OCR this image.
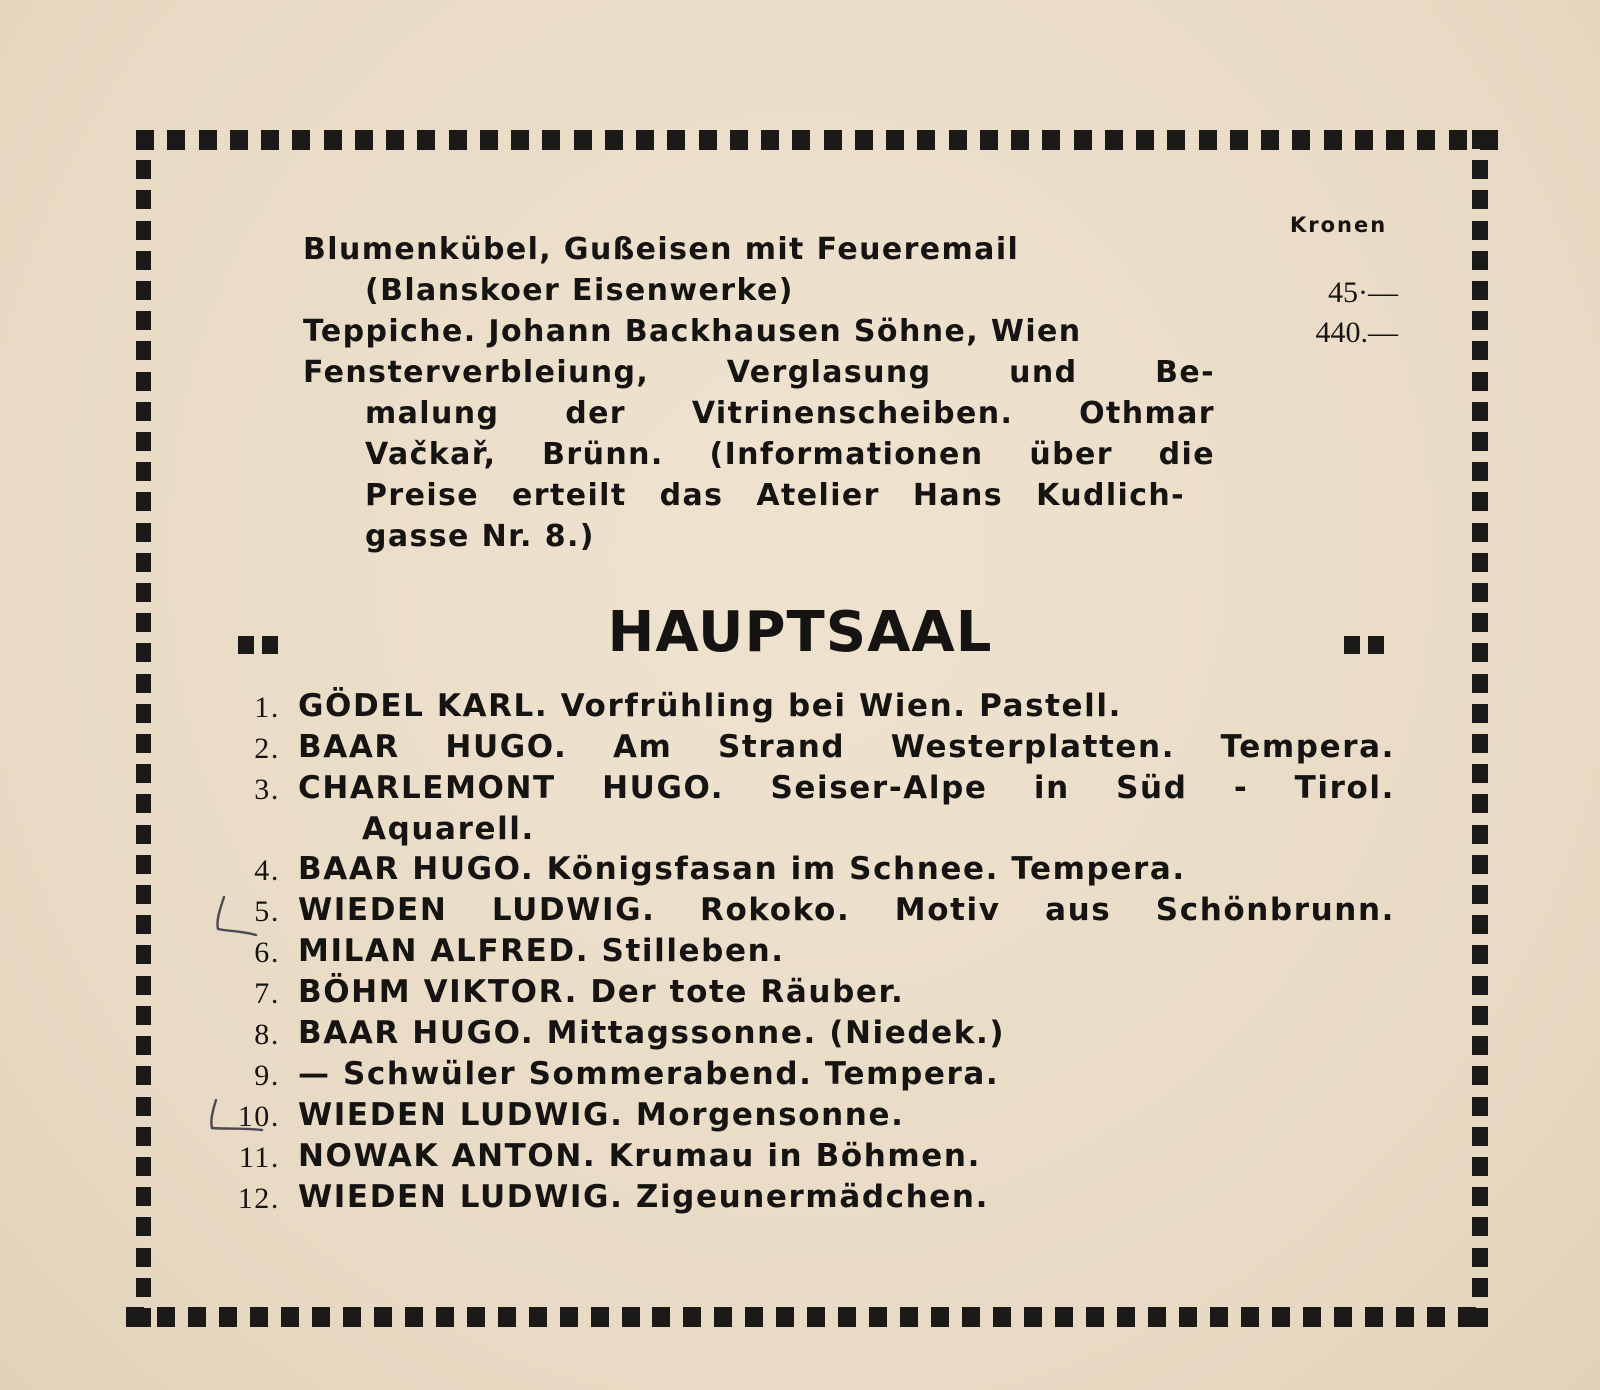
Kronen
Blumenkübel, Gußeisen mit Feueremail
(Blanskoer Eisenwerke)	45·—
Teppiche. Johann Backhausen Söhne, Wien	440.—
Fensterverbleiung, Verglasung und Be-
malung der Vitrinenscheiben. Othmar
Vačkař, Brünn. (Informationen über die
Preise erteilt das Atelier Hans Kudlich-
gasse Nr. 8.)
HAUPTSAAL
1. GÖDEL KARL. Vorfrühling bei Wien. Pastell.
2. BAAR HUGO. Am Strand Westerplatten. Tempera.
3. CHARLEMONT HUGO. Seiser-Alpe in Süd - Tirol.
Aquarell.
4. BAAR HUGO. Königsfasan im Schnee. Tempera.
5. WIEDEN LUDWIG. Rokoko. Motiv aus Schönbrunn.
6. MILAN ALFRED. Stilleben.
7. BÖHM VIKTOR. Der tote Räuber.
8. BAAR HUGO. Mittagssonne. (Niedek.)
9. — Schwüler Sommerabend. Tempera.
10. WIEDEN LUDWIG. Morgensonne.
11. NOWAK ANTON. Krumau in Böhmen.
12. WIEDEN LUDWIG. Zigeunermädchen.
